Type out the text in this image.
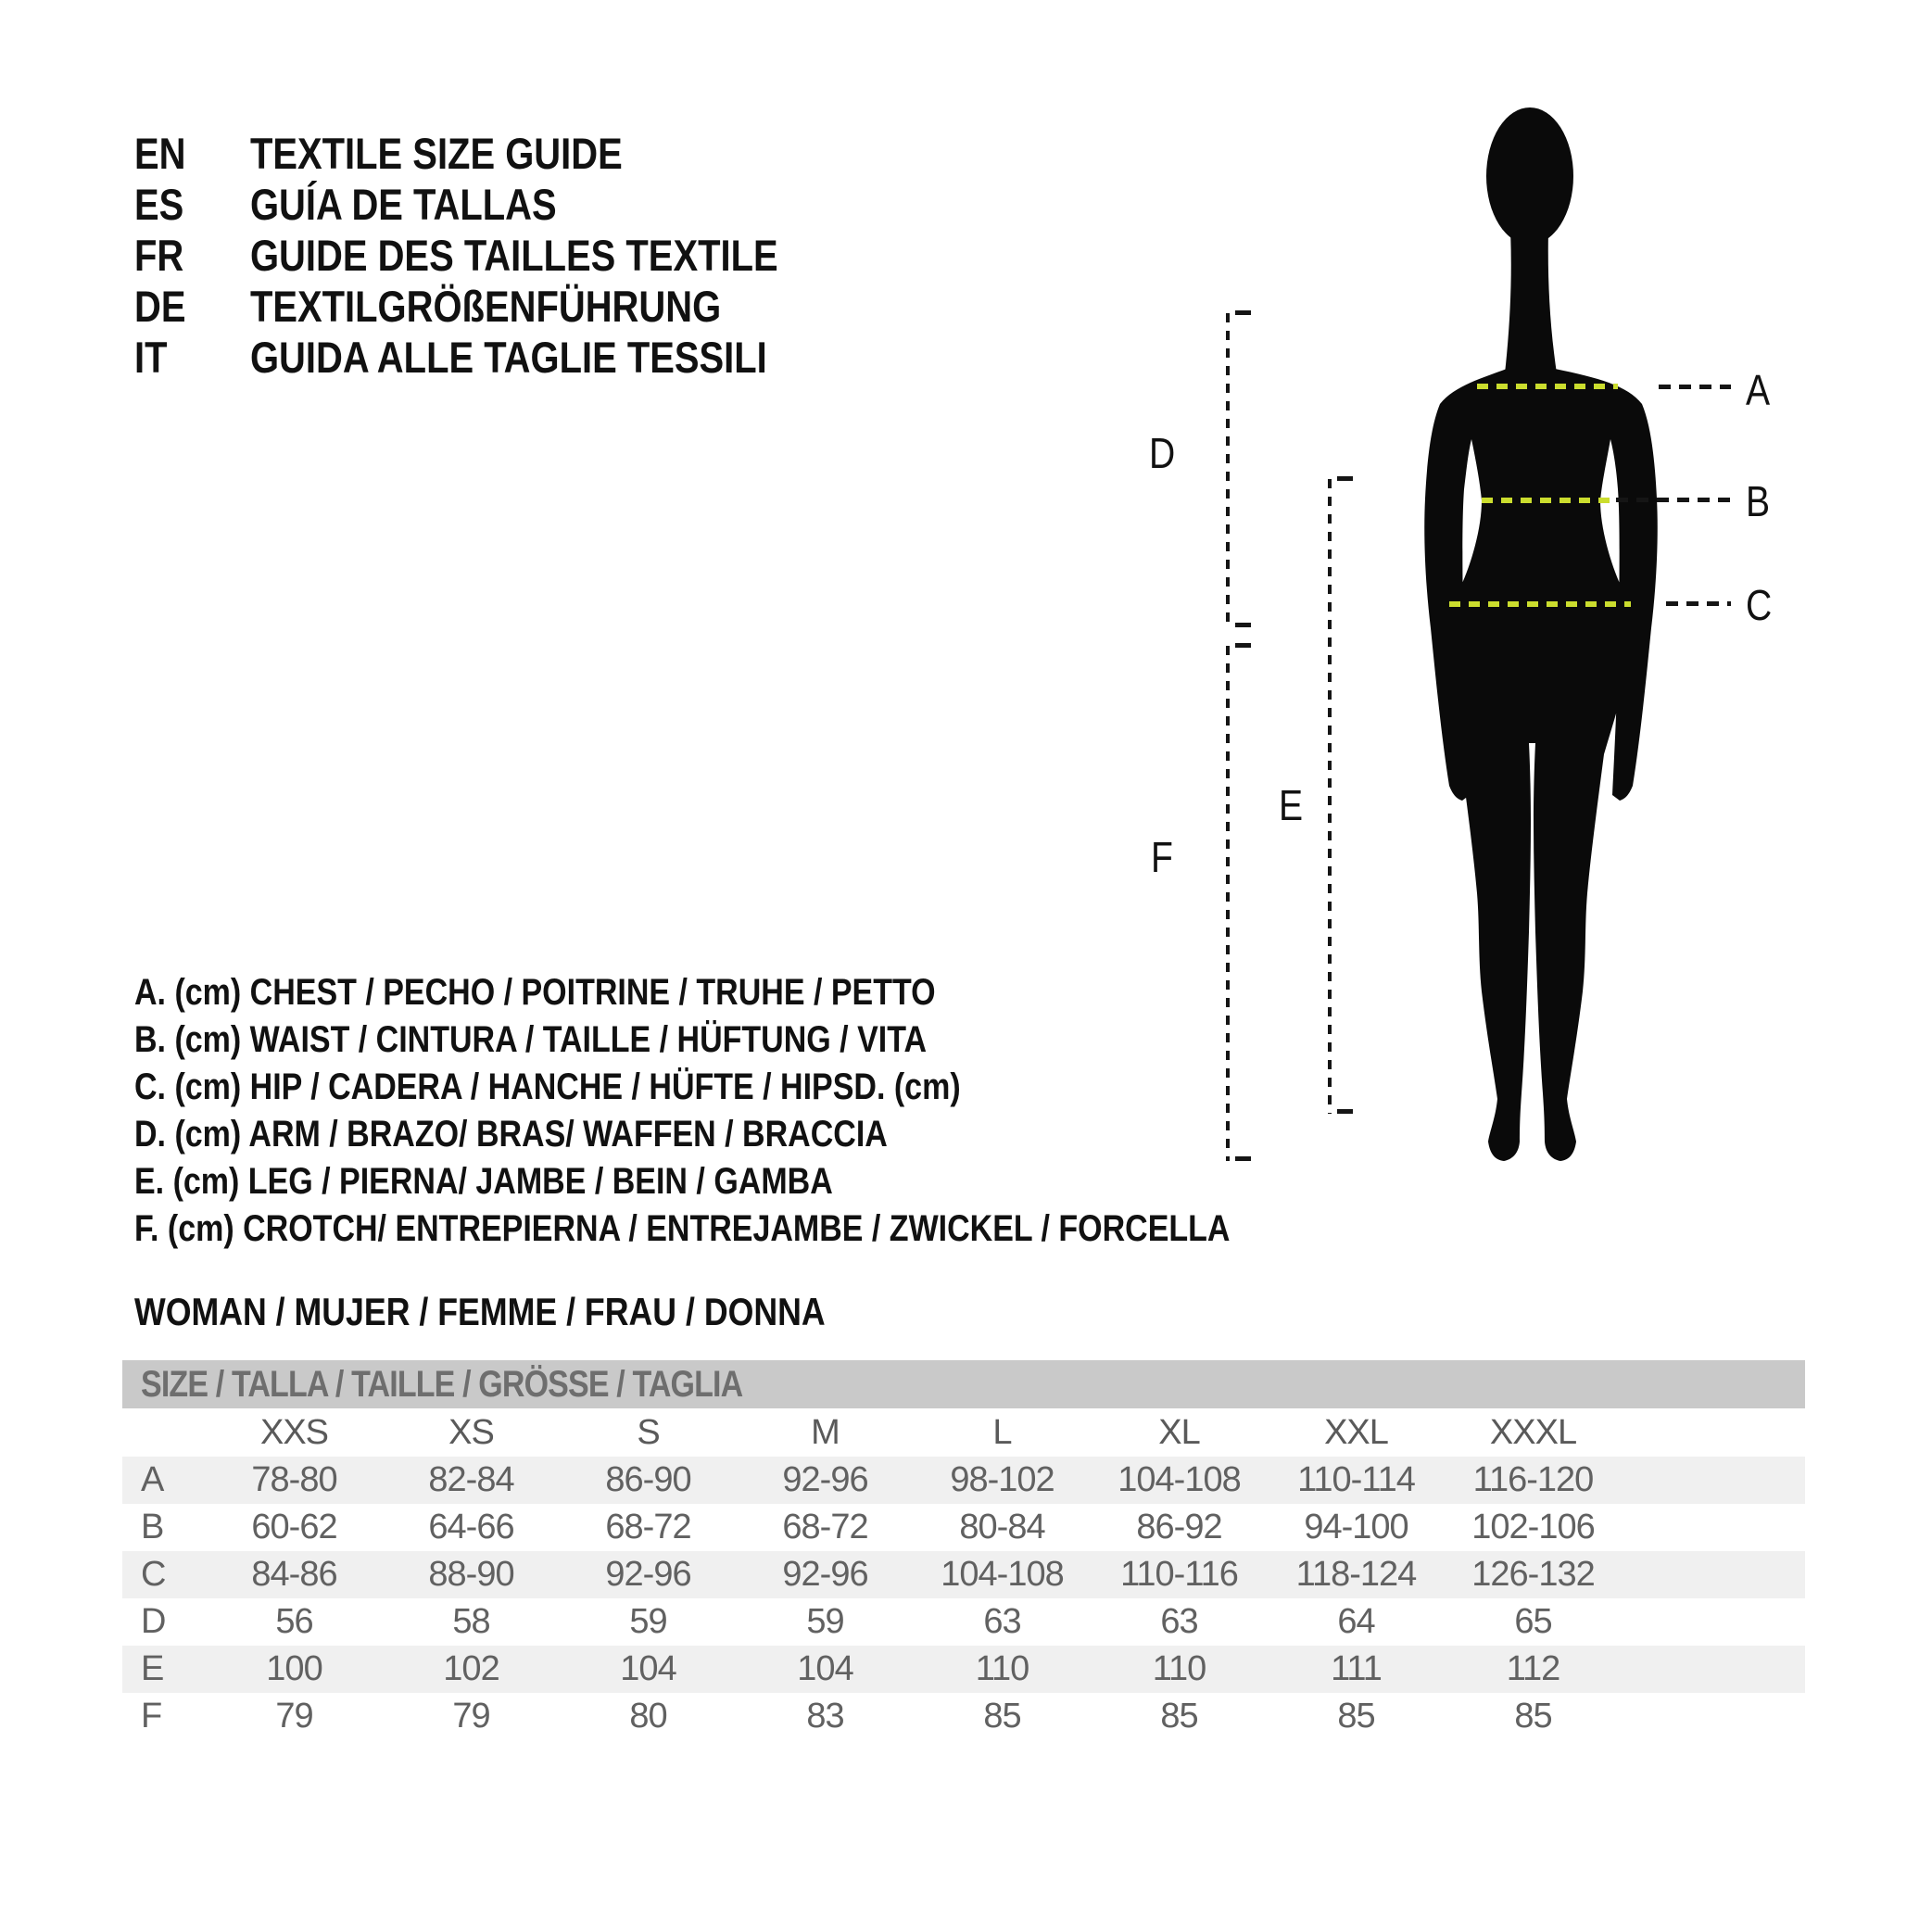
EN	TEXTILE SIZE GUIDE
ES	GUÍA DE TALLAS
FR	GUIDE DES TAILLES TEXTILE
DE	TEXTILGRÖßENFÜHRUNG
IT	GUIDA ALLE TAGLIE TESSILI
A
B
C
D
E
F
A. (cm) CHEST / PECHO / POITRINE / TRUHE / PETTO
B. (cm) WAIST / CINTURA / TAILLE / HÜFTUNG / VITA
C. (cm) HIP / CADERA / HANCHE / HÜFTE / HIPSD. (cm)
D. (cm) ARM / BRAZO/ BRAS/ WAFFEN / BRACCIA
E. (cm) LEG / PIERNA/ JAMBE / BEIN / GAMBA
F. (cm) CROTCH/ ENTREPIERNA / ENTREJAMBE / ZWICKEL / FORCELLA
WOMAN / MUJER / FEMME / FRAU / DONNA
SIZE / TALLA / TAILLE / GRÖSSE / TAGLIA									
	XXS	XS	S	M	L	XL	XXL	XXXL	
A	78-80	82-84	86-90	92-96	98-102	104-108	110-114	116-120	
B	60-62	64-66	68-72	68-72	80-84	86-92	94-100	102-106	
C	84-86	88-90	92-96	92-96	104-108	110-116	118-124	126-132	
D	56	58	59	59	63	63	64	65	
E	100	102	104	104	110	110	111	112	
F	79	79	80	83	85	85	85	85	
